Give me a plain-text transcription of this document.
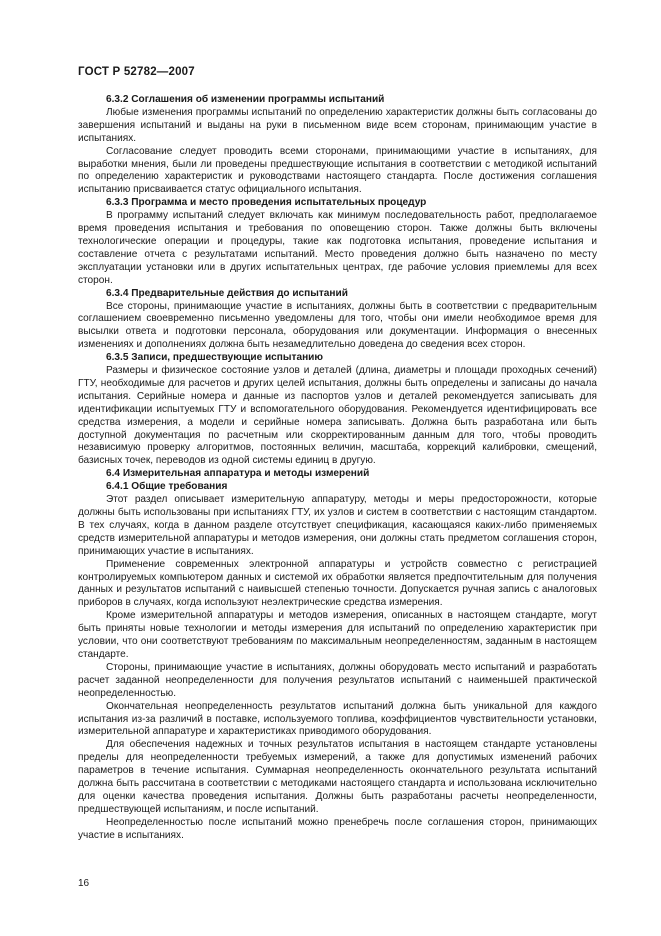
ГОСТ Р 52782—2007

6.3.2 Соглашения об изменении программы испытаний

Любые изменения программы испытаний по определению характеристик должны быть согласованы до завершения испытаний и выданы на руки в письменном виде всем сторонам, принимающим участие в испытаниях.

Согласование следует проводить всеми сторонами, принимающими участие в испытаниях, для выработки мнения, были ли проведены предшествующие испытания в соответствии с методикой испытаний по определению характеристик и руководствами настоящего стандарта. После достижения соглашения испытанию присваивается статус официального испытания.

6.3.3 Программа и место проведения испытательных процедур

В программу испытаний следует включать как минимум последовательность работ, предполагаемое время проведения испытания и требования по оповещению сторон. Также должны быть включены технологические операции и процедуры, такие как подготовка испытания, проведение испытания и составление отчета с результатами испытаний. Место проведения должно быть назначено по месту эксплуатации установки или в других испытательных центрах, где рабочие условия приемлемы для всех сторон.

6.3.4 Предварительные действия до испытаний

Все стороны, принимающие участие в испытаниях, должны быть в соответствии с предварительным соглашением своевременно письменно уведомлены для того, чтобы они имели необходимое время для высылки ответа и подготовки персонала, оборудования или документации. Информация о внесенных изменениях и дополнениях должна быть незамедлительно доведена до сведения всех сторон.

6.3.5 Записи, предшествующие испытанию

Размеры и физическое состояние узлов и деталей (длина, диаметры и площади проходных сечений) ГТУ, необходимые для расчетов и других целей испытания, должны быть определены и записаны до начала испытания. Серийные номера и данные из паспортов узлов и деталей рекомендуется записывать для идентификации испытуемых ГТУ и вспомогательного оборудования. Рекомендуется идентифицировать все средства измерения, а модели и серийные номера записывать. Должна быть разработана или быть доступной документация по расчетным или скорректированным данным для того, чтобы проводить независимую проверку алгоритмов, постоянных величин, масштаба, коррекций калибровки, смещений, базисных точек, переводов из одной системы единиц в другую.

6.4 Измерительная аппаратура и методы измерений

6.4.1 Общие требования

Этот раздел описывает измерительную аппаратуру, методы и меры предосторожности, которые должны быть использованы при испытаниях ГТУ, их узлов и систем в соответствии с настоящим стандартом. В тех случаях, когда в данном разделе отсутствует спецификация, касающаяся каких-либо применяемых средств измерительной аппаратуры и методов измерения, они должны стать предметом соглашения сторон, принимающих участие в испытаниях.

Применение современных электронной аппаратуры и устройств совместно с регистрацией контролируемых компьютером данных и системой их обработки является предпочтительным для получения данных и результатов испытаний с наивысшей степенью точности. Допускается ручная запись с аналоговых приборов в случаях, когда используют неэлектрические средства измерения.

Кроме измерительной аппаратуры и методов измерения, описанных в настоящем стандарте, могут быть приняты новые технологии и методы измерения для испытаний по определению характеристик при условии, что они соответствуют требованиям по максимальным неопределенностям, заданным в настоящем стандарте.

Стороны, принимающие участие в испытаниях, должны оборудовать место испытаний и разработать расчет заданной неопределенности для получения результатов испытаний с наименьшей практической неопределенностью.

Окончательная неопределенность результатов испытаний должна быть уникальной для каждого испытания из-за различий в поставке, используемого топлива, коэффициентов чувствительности установки, измерительной аппаратуре и характеристиках приводимого оборудования.

Для обеспечения надежных и точных результатов испытания в настоящем стандарте установлены пределы для неопределенности требуемых измерений, а также для допустимых изменений рабочих параметров в течение испытания. Суммарная неопределенность окончательного результата испытаний должна быть рассчитана в соответствии с методиками настоящего стандарта и использована исключительно для оценки качества проведения испытания. Должны быть разработаны расчеты неопределенности, предшествующей испытаниям, и после испытаний.

Неопределенностью после испытаний можно пренебречь после соглашения сторон, принимающих участие в испытаниях.

16
